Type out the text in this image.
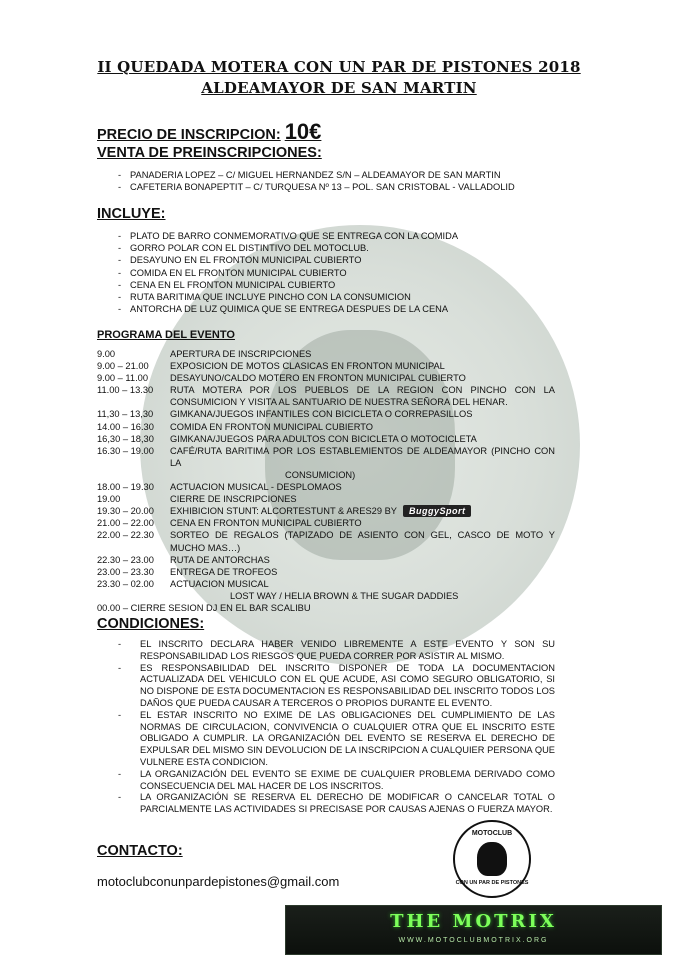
II QUEDADA MOTERA CON UN PAR DE PISTONES 2018
ALDEAMAYOR DE SAN MARTIN
PRECIO DE INSCRIPCION: 10€
VENTA DE PREINSCRIPCIONES:
- PANADERIA LOPEZ – C/ MIGUEL HERNANDEZ S/N – ALDEAMAYOR DE SAN MARTIN
- CAFETERIA BONAPEPTIT – C/ TURQUESA Nº 13 – POL. SAN CRISTOBAL - VALLADOLID
INCLUYE:
- PLATO DE BARRO CONMEMORATIVO QUE SE ENTREGA CON LA COMIDA
- GORRO POLAR CON EL DISTINTIVO DEL MOTOCLUB.
- DESAYUNO EN EL FRONTON MUNICIPAL CUBIERTO
- COMIDA EN EL FRONTON MUNICIPAL CUBIERTO
- CENA EN EL FRONTON MUNICIPAL CUBIERTO
- RUTA BARITIMA QUE INCLUYE PINCHO CON LA CONSUMICION
- ANTORCHA DE LUZ QUIMICA QUE SE ENTREGA DESPUES DE LA CENA
PROGRAMA DEL EVENTO
9.00	APERTURA DE INSCRIPCIONES
9.00 – 21.00	EXPOSICION DE MOTOS CLASICAS EN FRONTON MUNICIPAL
9.00 – 11.00	DESAYUNO/CALDO MOTERO EN FRONTON MUNICIPAL CUBIERTO
11.00 – 13.30	RUTA MOTERA POR LOS PUEBLOS DE LA REGION CON PINCHO CON LA CONSUMICION Y VISITA AL SANTUARIO DE NUESTRA SEÑORA DEL HENAR.
11,30 – 13,30	GIMKANA/JUEGOS INFANTILES CON BICICLETA O CORREPASILLOS
14.00 – 16.30	COMIDA EN FRONTON MUNICIPAL CUBIERTO
16,30 – 18,30	GIMKANA/JUEGOS PARA ADULTOS CON BICICLETA O MOTOCICLETA
16.30 – 19.00	CAFÉ/RUTA BARITIMA POR LOS ESTABLEMIENTOS DE ALDEAMAYOR (PINCHO CON LA
CONSUMICION)
18.00 – 19.30	ACTUACION MUSICAL - DESPLOMAOS
19.00	CIERRE DE INSCRIPCIONES
19.30 – 20.00	EXHIBICION STUNT: ALCORTESTUNT & ARES29 BY BuggySport
21.00 – 22.00	CENA EN FRONTON MUNICIPAL CUBIERTO
22.00 – 22.30	SORTEO DE REGALOS (TAPIZADO DE ASIENTO CON GEL, CASCO DE MOTO Y MUCHO MAS…)
22.30 – 23.00	RUTA DE ANTORCHAS
23.00 – 23.30	ENTREGA DE TROFEOS
23.30 – 02.00	ACTUACION MUSICAL
LOST WAY / HELIA BROWN & THE SUGAR DADDIES
00.00 – CIERRE SESION DJ EN EL BAR SCALIBU
CONDICIONES:
- EL INSCRITO DECLARA HABER VENIDO LIBREMENTE A ESTE EVENTO Y SON SU RESPONSABILIDAD LOS RIESGOS QUE PUEDA CORRER POR ASISTIR AL MISMO.
- ES RESPONSABILIDAD DEL INSCRITO DISPONER DE TODA LA DOCUMENTACION ACTUALIZADA DEL VEHICULO CON EL QUE ACUDE, ASI COMO SEGURO OBLIGATORIO, SI NO DISPONE DE ESTA DOCUMENTACION ES RESPONSABILIDAD DEL INSCRITO TODOS LOS DAÑOS QUE PUEDA CAUSAR A TERCEROS O PROPIOS DURANTE EL EVENTO.
- EL ESTAR INSCRITO NO EXIME DE LAS OBLIGACIONES DEL CUMPLIMIENTO DE LAS NORMAS DE CIRCULACION, CONVIVENCIA O CUALQUIER OTRA QUE EL INSCRITO ESTE OBLIGADO A CUMPLIR. LA ORGANIZACIÓN DEL EVENTO SE RESERVA EL DERECHO DE EXPULSAR DEL MISMO SIN DEVOLUCION DE LA INSCRIPCION A CUALQUIER PERSONA QUE VULNERE ESTA CONDICION.
- LA ORGANIZACIÓN DEL EVENTO SE EXIME DE CUALQUIER PROBLEMA DERIVADO COMO CONSECUENCIA DEL MAL HACER DE LOS INSCRITOS.
- LA ORGANIZACIÓN SE RESERVA EL DERECHO DE MODIFICAR O CANCELAR TOTAL O PARCIALMENTE LAS ACTIVIDADES SI PRECISASE POR CAUSAS AJENAS O FUERZA MAYOR.
CONTACTO:
motoclubconunpardepistones@gmail.com
MOTOCLUB
CON UN PAR DE PISTONES
THE MOTRIX
WWW.MOTOCLUBMOTRIX.ORG
